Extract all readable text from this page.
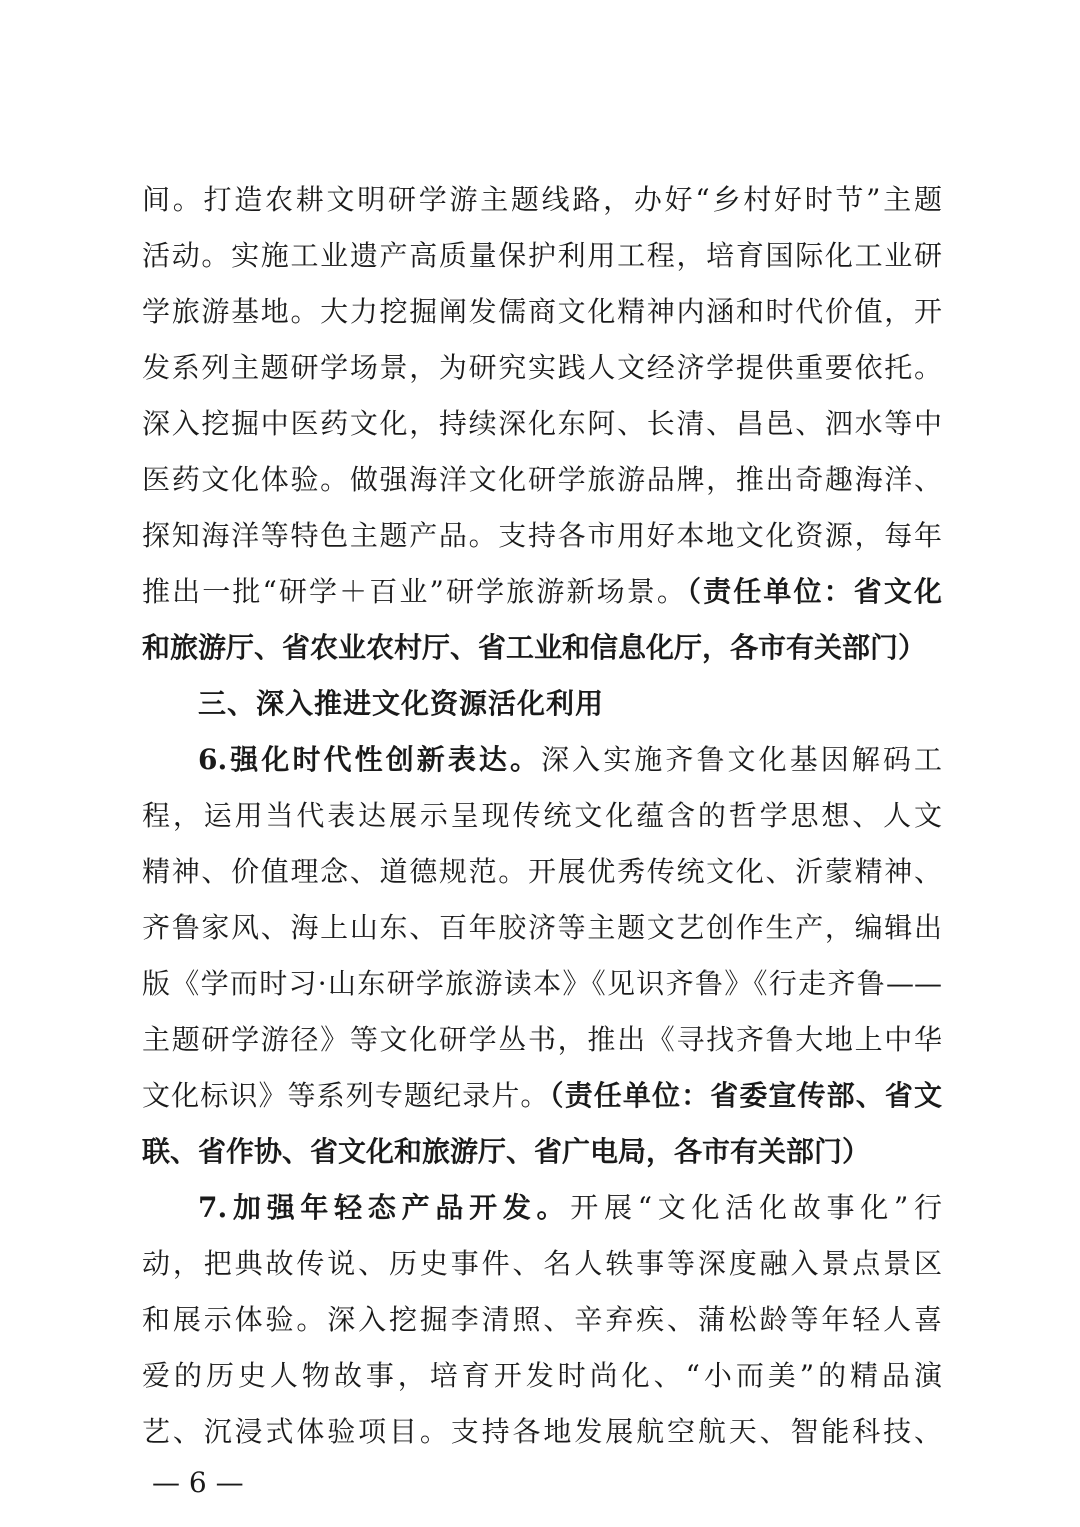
间。打造农耕文明研学游主题线路，办好“乡村好时节”主题
活动。实施工业遗产高质量保护利用工程，培育国际化工业研
学旅游基地。大力挖掘阐发儒商文化精神内涵和时代价值，开
发系列主题研学场景，为研究实践人文经济学提供重要依托。
深入挖掘中医药文化，持续深化东阿、长清、昌邑、泗水等中
医药文化体验。做强海洋文化研学旅游品牌，推出奇趣海洋、
探知海洋等特色主题产品。支持各市用好本地文化资源，每年
推出一批“研学＋百业”研学旅游新场景。（责任单位：省文化
和旅游厅、省农业农村厅、省工业和信息化厅，各市有关部门）
三、深入推进文化资源活化利用
6.强化时代性创新表达。深入实施齐鲁文化基因解码工
程，运用当代表达展示呈现传统文化蕴含的哲学思想、人文
精神、价值理念、道德规范。开展优秀传统文化、沂蒙精神、
齐鲁家风、海上山东、百年胶济等主题文艺创作生产，编辑出
版《学而时习·山东研学旅游读本》《见识齐鲁》《行走齐鲁——
主题研学游径》等文化研学丛书，推出《寻找齐鲁大地上中华
文化标识》等系列专题纪录片。（责任单位：省委宣传部、省文
联、省作协、省文化和旅游厅、省广电局，各市有关部门）
7.加强年轻态产品开发。开展“文化活化故事化”行
动，把典故传说、历史事件、名人轶事等深度融入景点景区
和展示体验。深入挖掘李清照、辛弃疾、蒲松龄等年轻人喜
爱的历史人物故事，培育开发时尚化、“小而美”的精品演
艺、沉浸式体验项目。支持各地发展航空航天、智能科技、
— 6 —
